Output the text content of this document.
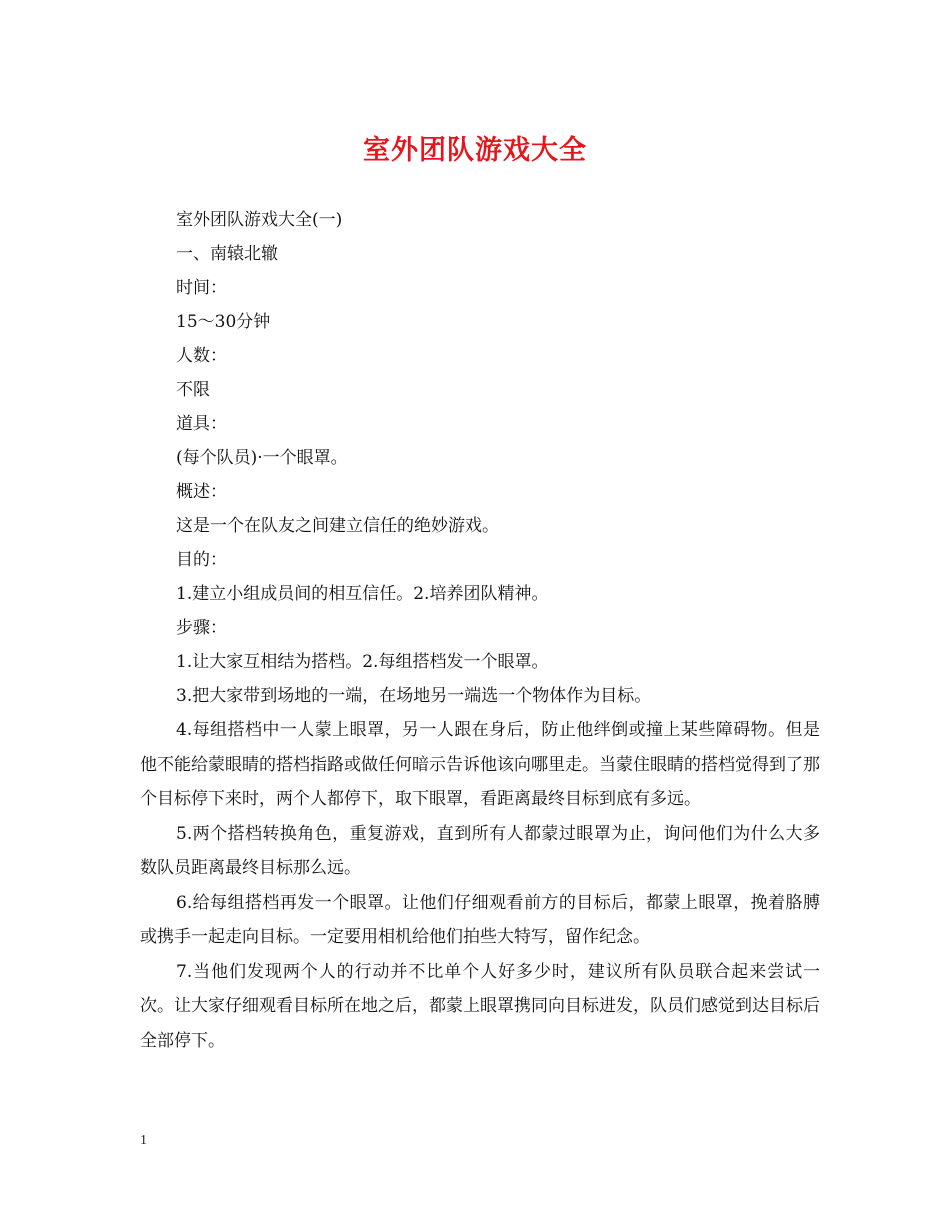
室外团队游戏大全

室外团队游戏大全(一)

一、南辕北辙

时间：

15～30分钟

人数：

不限

道具：

(每个队员)·一个眼罩。

概述：

这是一个在队友之间建立信任的绝妙游戏。

目的：

1.建立小组成员间的相互信任。2.培养团队精神。

步骤：

1.让大家互相结为搭档。2.每组搭档发一个眼罩。

3.把大家带到场地的一端，在场地另一端选一个物体作为目标。

4.每组搭档中一人蒙上眼罩，另一人跟在身后，防止他绊倒或撞上某些障碍物。但是他不能给蒙眼睛的搭档指路或做任何暗示告诉他该向哪里走。当蒙住眼睛的搭档觉得到了那个目标停下来时，两个人都停下，取下眼罩，看距离最终目标到底有多远。

5.两个搭档转换角色，重复游戏，直到所有人都蒙过眼罩为止，询问他们为什么大多数队员距离最终目标那么远。

6.给每组搭档再发一个眼罩。让他们仔细观看前方的目标后，都蒙上眼罩，挽着胳膊或携手一起走向目标。一定要用相机给他们拍些大特写，留作纪念。

7.当他们发现两个人的行动并不比单个人好多少时，建议所有队员联合起来尝试一次。让大家仔细观看目标所在地之后，都蒙上眼罩携同向目标进发，队员们感觉到达目标后全部停下。

1
